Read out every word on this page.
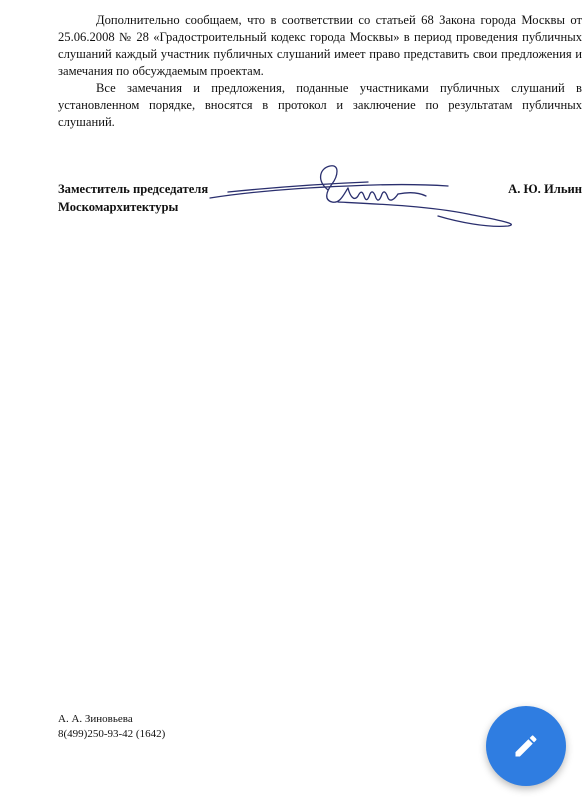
Дополнительно сообщаем, что в соответствии со статьей 68 Закона города Москвы от 25.06.2008 № 28 «Градостроительный кодекс города Москвы» в период проведения публичных слушаний каждый участник публичных слушаний имеет право представить свои предложения и замечания по обсуждаемым проектам.

Все замечания и предложения, поданные участниками публичных слушаний в установленном порядке, вносятся в протокол и заключение по результатам публичных слушаний.

Заместитель председателя
Москомархитектуры
А. Ю. Ильин
А. А. Зиновьева
8(499)250-93-42 (1642)
